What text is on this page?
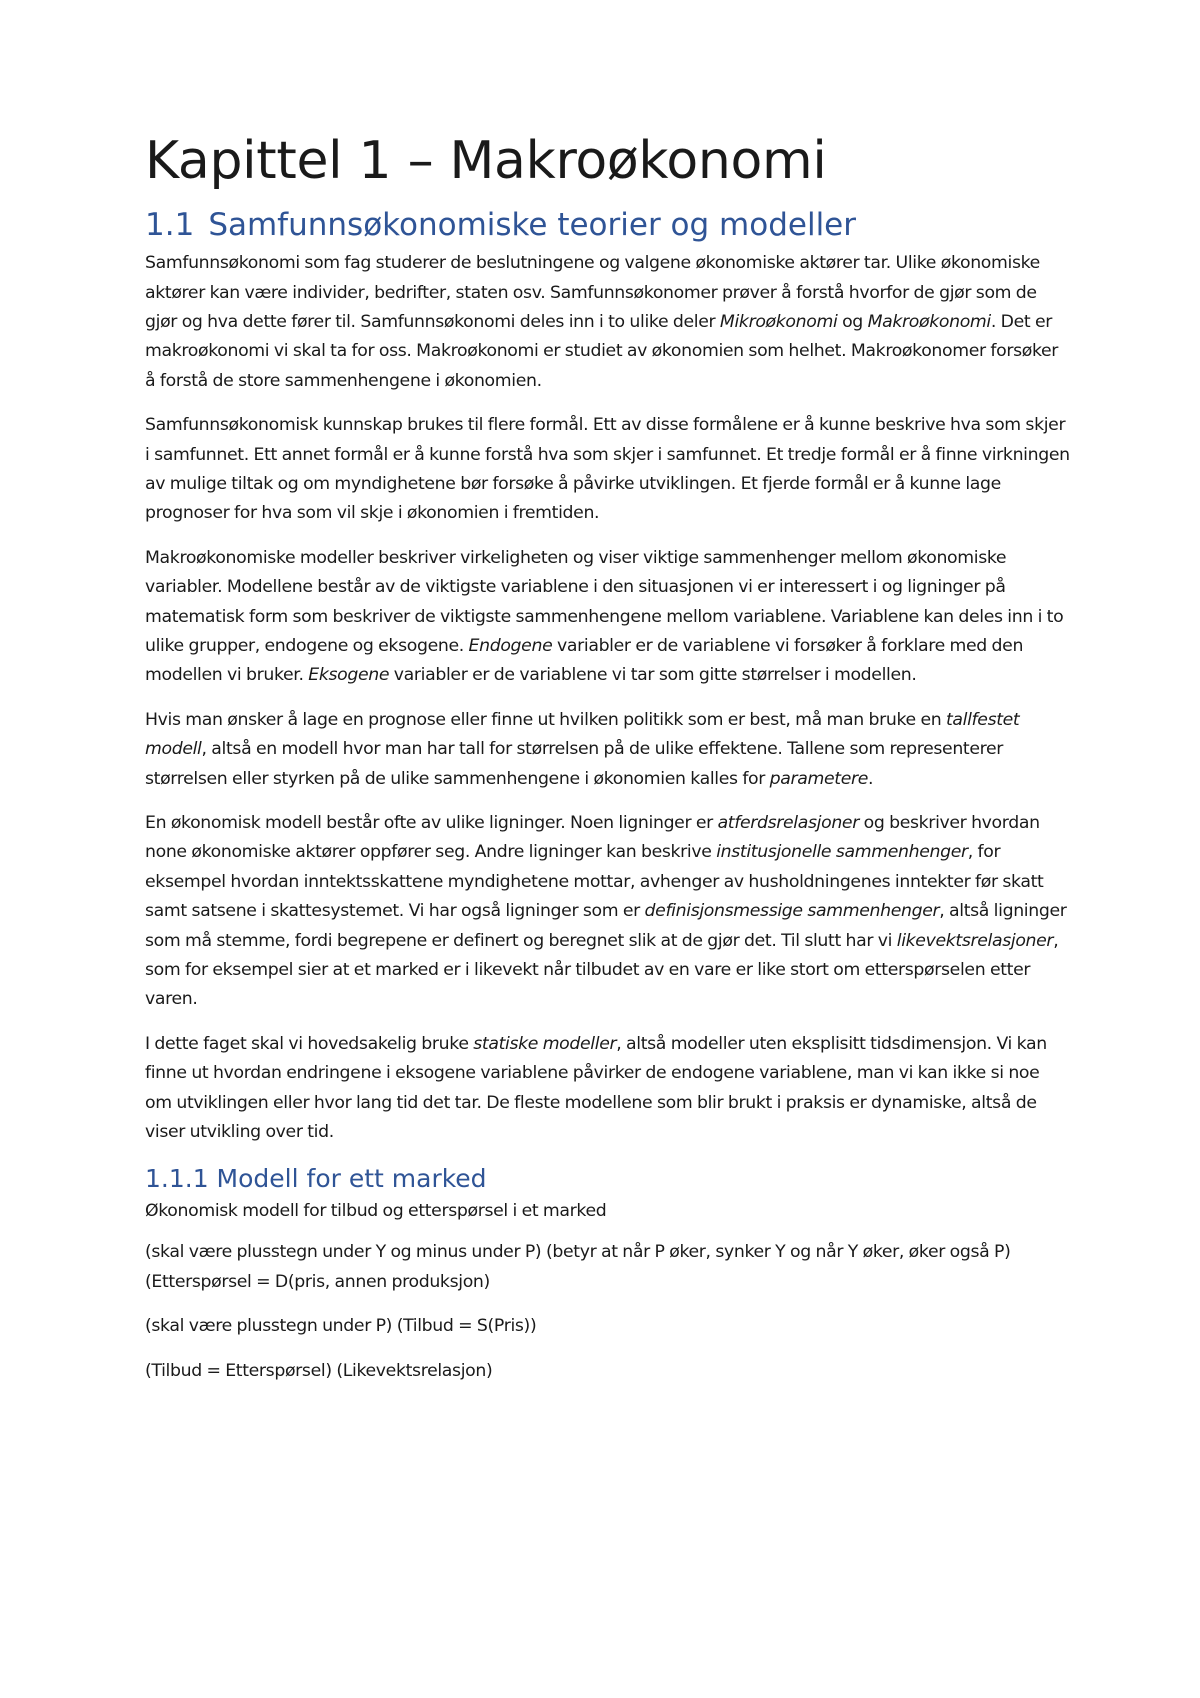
Kapittel 1 – Makroøkonomi
1.1 Samfunnsøkonomiske teorier og modeller

Samfunnsøkonomi som fag studerer de beslutningene og valgene økonomiske aktører tar. Ulike økonomiske aktører kan være individer, bedrifter, staten osv. Samfunnsøkonomer prøver å forstå hvorfor de gjør som de gjør og hva dette fører til. Samfunnsøkonomi deles inn i to ulike deler Mikroøkonomi og Makroøkonomi. Det er makroøkonomi vi skal ta for oss. Makroøkonomi er studiet av økonomien som helhet. Makroøkonomer forsøker å forstå de store sammenhengene i økonomien.

Samfunnsøkonomisk kunnskap brukes til flere formål. Ett av disse formålene er å kunne beskrive hva som skjer i samfunnet. Ett annet formål er å kunne forstå hva som skjer i samfunnet. Et tredje formål er å finne virkningen av mulige tiltak og om myndighetene bør forsøke å påvirke utviklingen. Et fjerde formål er å kunne lage prognoser for hva som vil skje i økonomien i fremtiden.

Makroøkonomiske modeller beskriver virkeligheten og viser viktige sammenhenger mellom økonomiske variabler. Modellene består av de viktigste variablene i den situasjonen vi er interessert i og ligninger på matematisk form som beskriver de viktigste sammenhengene mellom variablene. Variablene kan deles inn i to ulike grupper, endogene og eksogene. Endogene variabler er de variablene vi forsøker å forklare med den modellen vi bruker. Eksogene variabler er de variablene vi tar som gitte størrelser i modellen.

Hvis man ønsker å lage en prognose eller finne ut hvilken politikk som er best, må man bruke en tallfestet modell, altså en modell hvor man har tall for størrelsen på de ulike effektene. Tallene som representerer størrelsen eller styrken på de ulike sammenhengene i økonomien kalles for parametere.

En økonomisk modell består ofte av ulike ligninger. Noen ligninger er atferdsrelasjoner og beskriver hvordan none økonomiske aktører oppfører seg. Andre ligninger kan beskrive institusjonelle sammenhenger, for eksempel hvordan inntektsskattene myndighetene mottar, avhenger av husholdningenes inntekter før skatt samt satsene i skattesystemet. Vi har også ligninger som er definisjonsmessige sammenhenger, altså ligninger som må stemme, fordi begrepene er definert og beregnet slik at de gjør det. Til slutt har vi likevektsrelasjoner, som for eksempel sier at et marked er i likevekt når tilbudet av en vare er like stort om etterspørselen etter varen.

I dette faget skal vi hovedsakelig bruke statiske modeller, altså modeller uten eksplisitt tidsdimensjon. Vi kan finne ut hvordan endringene i eksogene variablene påvirker de endogene variablene, man vi kan ikke si noe om utviklingen eller hvor lang tid det tar. De fleste modellene som blir brukt i praksis er dynamiske, altså de viser utvikling over tid.

1.1.1 Modell for ett marked

Økonomisk modell for tilbud og etterspørsel i et marked

(skal være plusstegn under Y og minus under P) (betyr at når P øker, synker Y og når Y øker, øker også P) (Etterspørsel = D(pris, annen produksjon)

(skal være plusstegn under P) (Tilbud = S(Pris))

(Tilbud = Etterspørsel) (Likevektsrelasjon)
